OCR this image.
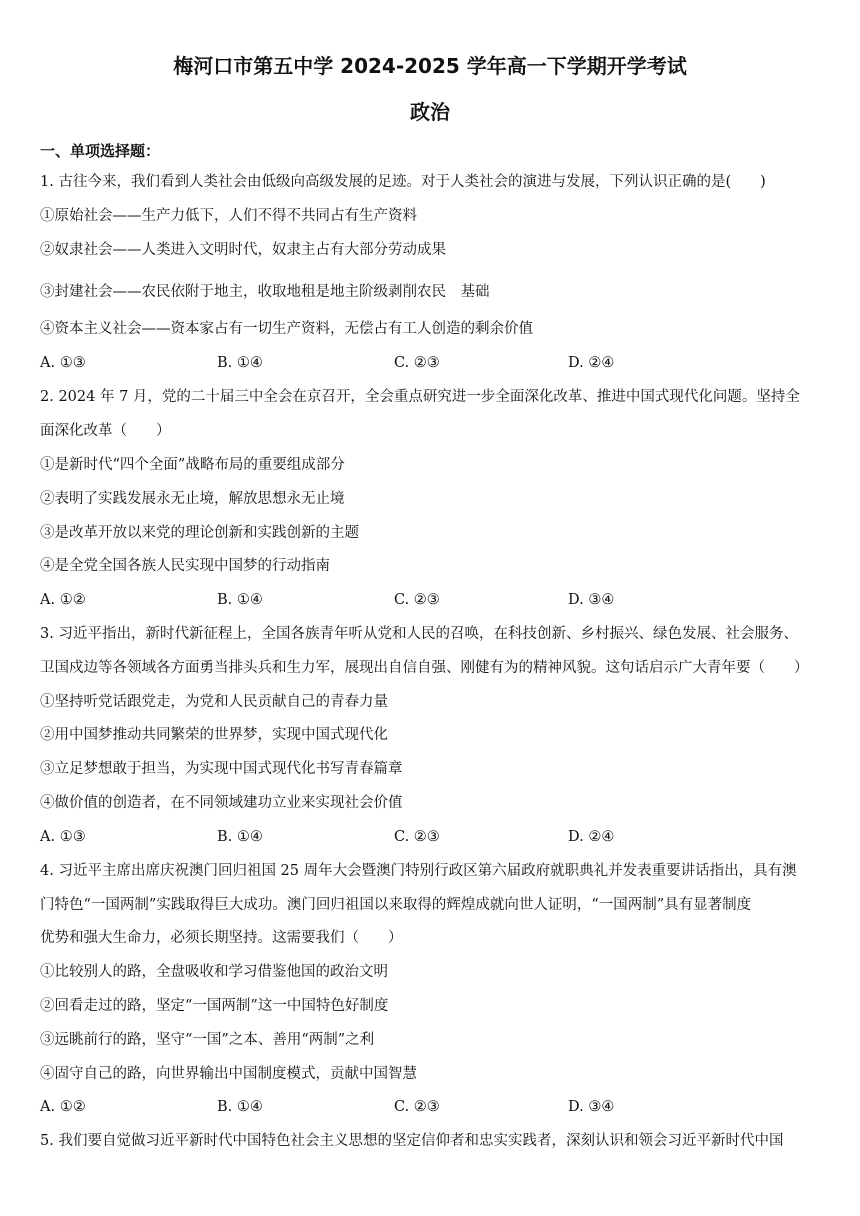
梅河口市第五中学 2024-2025 学年高一下学期开学考试
政治
一、单项选择题：
1. 古往今来，我们看到人类社会由低级向高级发展的足迹。对于人类社会的演进与发展，下列认识正确的是(　　)
①原始社会——生产力低下，人们不得不共同占有生产资料
②奴隶社会——人类进入文明时代，奴隶主占有大部分劳动成果
③封建社会——农民依附于地主，收取地租是地主阶级剥削农民　基础
④资本主义社会——资本家占有一切生产资料，无偿占有工人创造的剩余价值
A. ①③	B. ①④	C. ②③	D. ②④
2. 2024 年 7 月，党的二十届三中全会在京召开，全会重点研究进一步全面深化改革、推进中国式现代化问题。坚持全
面深化改革（　　）
①是新时代“四个全面”战略布局的重要组成部分
②表明了实践发展永无止境，解放思想永无止境
③是改革开放以来党的理论创新和实践创新的主题
④是全党全国各族人民实现中国梦的行动指南
A. ①②	B. ①④	C. ②③	D. ③④
3. 习近平指出，新时代新征程上，全国各族青年听从党和人民的召唤，在科技创新、乡村振兴、绿色发展、社会服务、
卫国戍边等各领域各方面勇当排头兵和生力军，展现出自信自强、刚健有为的精神风貌。这句话启示广大青年要（　　）
①坚持听党话跟党走，为党和人民贡献自己的青春力量
②用中国梦推动共同繁荣的世界梦，实现中国式现代化
③立足梦想敢于担当，为实现中国式现代化书写青春篇章
④做价值的创造者，在不同领域建功立业来实现社会价值
A. ①③	B. ①④	C. ②③	D. ②④
4. 习近平主席出席庆祝澳门回归祖国 25 周年大会暨澳门特别行政区第六届政府就职典礼并发表重要讲话指出，具有澳
门特色“一国两制”实践取得巨大成功。澳门回归祖国以来取得的辉煌成就向世人证明，“一国两制”具有显著制度
优势和强大生命力，必须长期坚持。这需要我们（　　）
①比较别人的路，全盘吸收和学习借鉴他国的政治文明
②回看走过的路，坚定“一国两制”这一中国特色好制度
③远眺前行的路，坚守“一国”之本、善用“两制”之利
④固守自己的路，向世界输出中国制度模式，贡献中国智慧
A. ①②	B. ①④	C. ②③	D. ③④
5. 我们要自觉做习近平新时代中国特色社会主义思想的坚定信仰者和忠实实践者，深刻认识和领会习近平新时代中国
